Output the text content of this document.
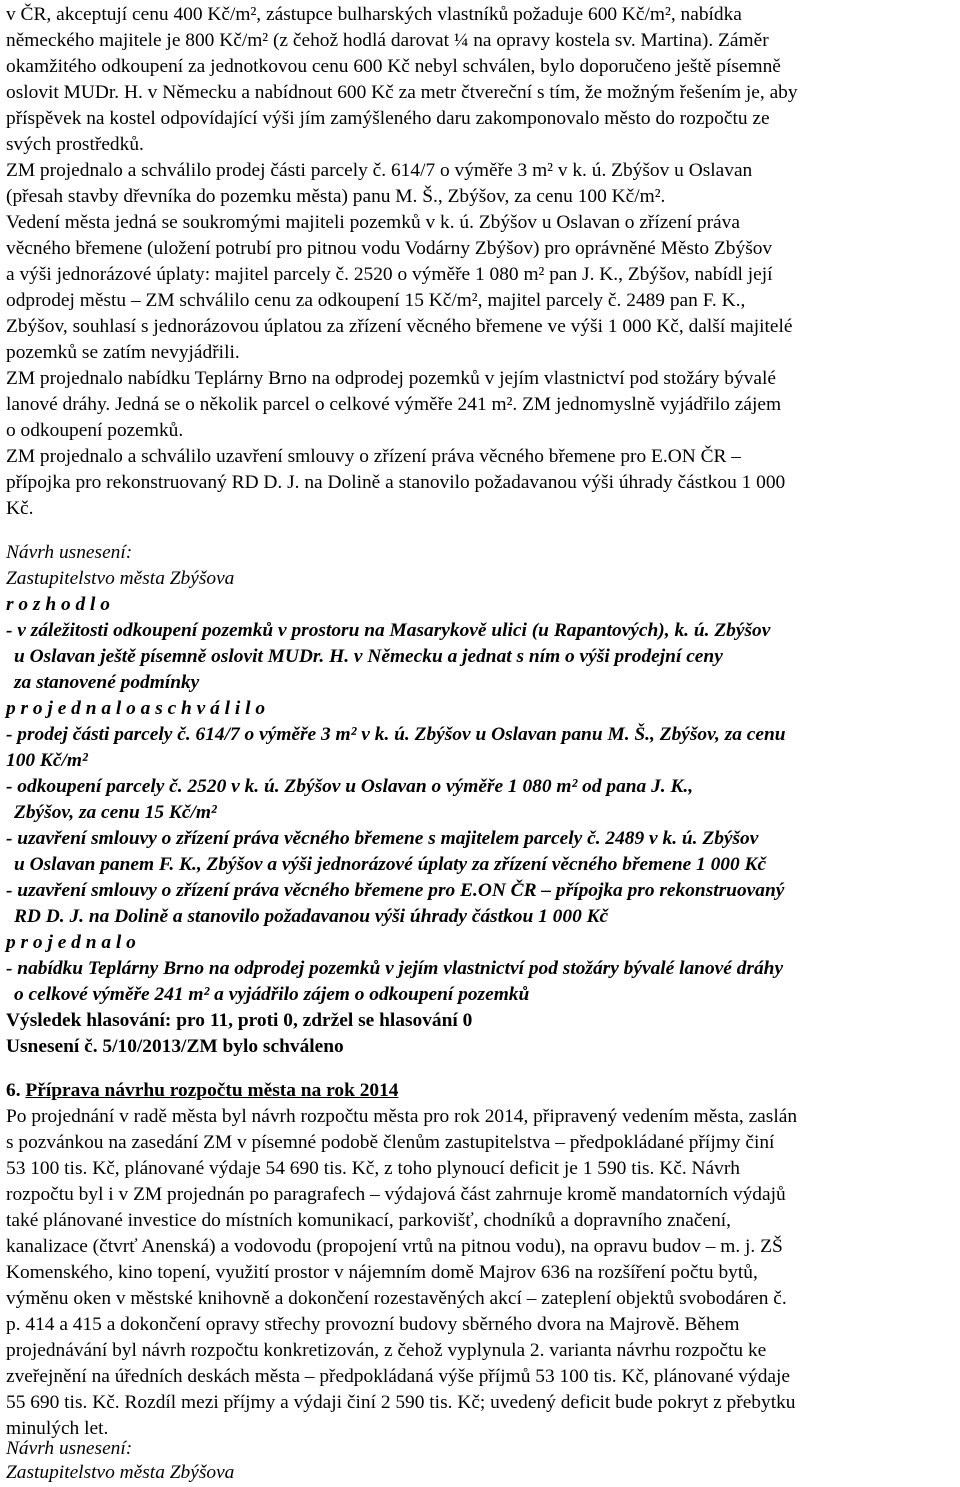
v ČR, akceptují cenu 400 Kč/m², zástupce bulharských vlastníků požaduje 600 Kč/m², nabídka
německého majitele je 800 Kč/m² (z čehož hodlá darovat ¼ na opravy kostela sv. Martina). Záměr
okamžitého odkoupení za jednotkovou cenu 600 Kč nebyl schválen, bylo doporučeno ještě písemně
oslovit MUDr. H. v Německu a nabídnout 600 Kč za metr čtvereční s tím, že možným řešením je, aby
příspěvek na kostel odpovídající výši jím zamýšleného daru zakomponovalo město do rozpočtu ze
svých prostředků.
ZM projednalo a schválilo prodej části parcely č. 614/7 o výměře 3 m² v k. ú. Zbýšov u Oslavan
(přesah stavby dřevníka do pozemku města) panu M. Š., Zbýšov, za cenu 100 Kč/m².
Vedení města jedná se soukromými majiteli pozemků v k. ú. Zbýšov u Oslavan o zřízení práva
věcného břemene (uložení potrubí pro pitnou vodu Vodárny Zbýšov) pro oprávněné Město Zbýšov
a výši jednorázové úplaty: majitel parcely č. 2520 o výměře 1 080 m² pan J. K., Zbýšov, nabídl její
odprodej městu – ZM schválilo cenu za odkoupení 15 Kč/m², majitel parcely č. 2489 pan F. K.,
Zbýšov, souhlasí s jednorázovou úplatou za zřízení věcného břemene ve výši 1 000 Kč, další majitelé
pozemků se zatím nevyjádřili.
ZM projednalo nabídku Teplárny Brno na odprodej pozemků v jejím vlastnictví pod stožáry bývalé
lanové dráhy. Jedná se o několik parcel o celkové výměře 241 m². ZM jednomyslně vyjádřilo zájem
o odkoupení pozemků.
ZM projednalo a schválilo uzavření smlouvy o zřízení práva věcného břemene pro E.ON ČR –
přípojka pro rekonstruovaný RD D. J. na Dolině a stanovilo požadavanou výši úhrady částkou 1 000
Kč.
Návrh usnesení:
Zastupitelstvo města Zbýšova
r o z h o d l o
- v záležitosti odkoupení pozemků v prostoru na Masarykově ulici (u Rapantových), k. ú. Zbýšov
u Oslavan ještě písemně oslovit MUDr. H. v Německu a jednat s ním o výši prodejní ceny
za stanovené podmínky
p r o j e d n a l o a s c h v á l i l o
- prodej části parcely č. 614/7 o výměře 3 m² v k. ú. Zbýšov u Oslavan panu M. Š., Zbýšov, za cenu
100 Kč/m²
- odkoupení parcely č. 2520 v k. ú. Zbýšov u Oslavan o výměře 1 080 m² od pana J. K.,
Zbýšov, za cenu 15 Kč/m²
- uzavření smlouvy o zřízení práva věcného břemene s majitelem parcely č. 2489 v k. ú. Zbýšov
u Oslavan panem F. K., Zbýšov a výši jednorázové úplaty za zřízení věcného břemene 1 000 Kč
- uzavření smlouvy o zřízení práva věcného břemene pro E.ON ČR – přípojka pro rekonstruovaný
RD D. J. na Dolině a stanovilo požadavanou výši úhrady částkou 1 000 Kč
p r o j e d n a l o
- nabídku Teplárny Brno na odprodej pozemků v jejím vlastnictví pod stožáry bývalé lanové dráhy
o celkové výměře 241 m² a vyjádřilo zájem o odkoupení pozemků
Výsledek hlasování: pro 11, proti 0, zdržel se hlasování 0
Usnesení č. 5/10/2013/ZM bylo schváleno
6. Příprava návrhu rozpočtu města na rok 2014
Po projednání v radě města byl návrh rozpočtu města pro rok 2014, připravený vedením města, zaslán
s pozvánkou na zasedání ZM v písemné podobě členům zastupitelstva – předpokládané příjmy činí
53 100 tis. Kč, plánované výdaje 54 690 tis. Kč, z toho plynoucí deficit je 1 590 tis. Kč. Návrh
rozpočtu byl i v ZM projednán po paragrafech – výdajová část zahrnuje kromě mandatorních výdajů
také plánované investice do místních komunikací, parkovišť, chodníků a dopravního značení,
kanalizace (čtvrť Anenská) a vodovodu (propojení vrtů na pitnou vodu), na opravu budov – m. j. ZŠ
Komenského, kino topení, využití prostor v nájemním domě Majrov 636 na rozšíření počtu bytů,
výměnu oken v městské knihovně a dokončení rozestavěných akcí – zateplení objektů svobodáren č.
p. 414 a 415 a dokončení opravy střechy provozní budovy sběrného dvora na Majrově. Během
projednávání byl návrh rozpočtu konkretizován, z čehož vyplynula 2. varianta návrhu rozpočtu ke
zveřejnění na úředních deskách města – předpokládaná výše příjmů 53 100 tis. Kč, plánované výdaje
55 690 tis. Kč. Rozdíl mezi příjmy a výdaji činí 2 590 tis. Kč; uvedený deficit bude pokryt z přebytku
minulých let.
Návrh usnesení:
Zastupitelstvo města Zbýšova
